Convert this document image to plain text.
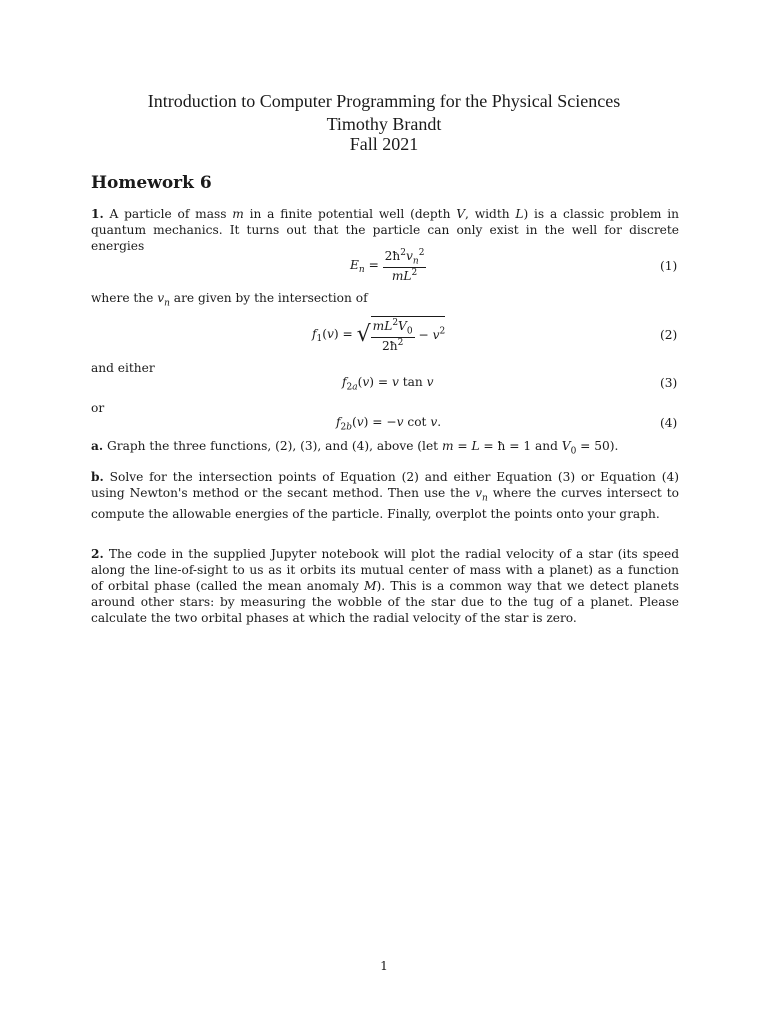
Introduction to Computer Programming for the Physical Sciences
Timothy Brandt
Fall 2021
Homework 6
1. A particle of mass m in a finite potential well (depth V, width L) is a classic problem in quantum mechanics. It turns out that the particle can only exist in the well for discrete energies
$E_n = \frac{2ħ^2v_n^2}{mL^2}$	(1)
where the $v_n$ are given by the intersection of
$f_1(v)$ = √ $\frac{mL^2V_0}{2ħ^2} - v^2$	(2)
and either
$f_{2a}(v) = v$ tan v	(3)
or
$f_{2b}(v) = -v$ cot v.	(4)
a. Graph the three functions, (2), (3), and (4), above (let m = L = ħ = 1 and $V_0 = 50$).
b. Solve for the intersection points of Equation (2) and either Equation (3) or Equation (4) using Newton's method or the secant method. Then use the $v_n$ where the curves intersect to compute the allowable energies of the particle. Finally, overplot the points onto your graph.
2. The code in the supplied Jupyter notebook will plot the radial velocity of a star (its speed along the line-of-sight to us as it orbits its mutual center of mass with a planet) as a function of orbital phase (called the mean anomaly M). This is a common way that we detect planets around other stars: by measuring the wobble of the star due to the tug of a planet. Please calculate the two orbital phases at which the radial velocity of the star is zero.
1
